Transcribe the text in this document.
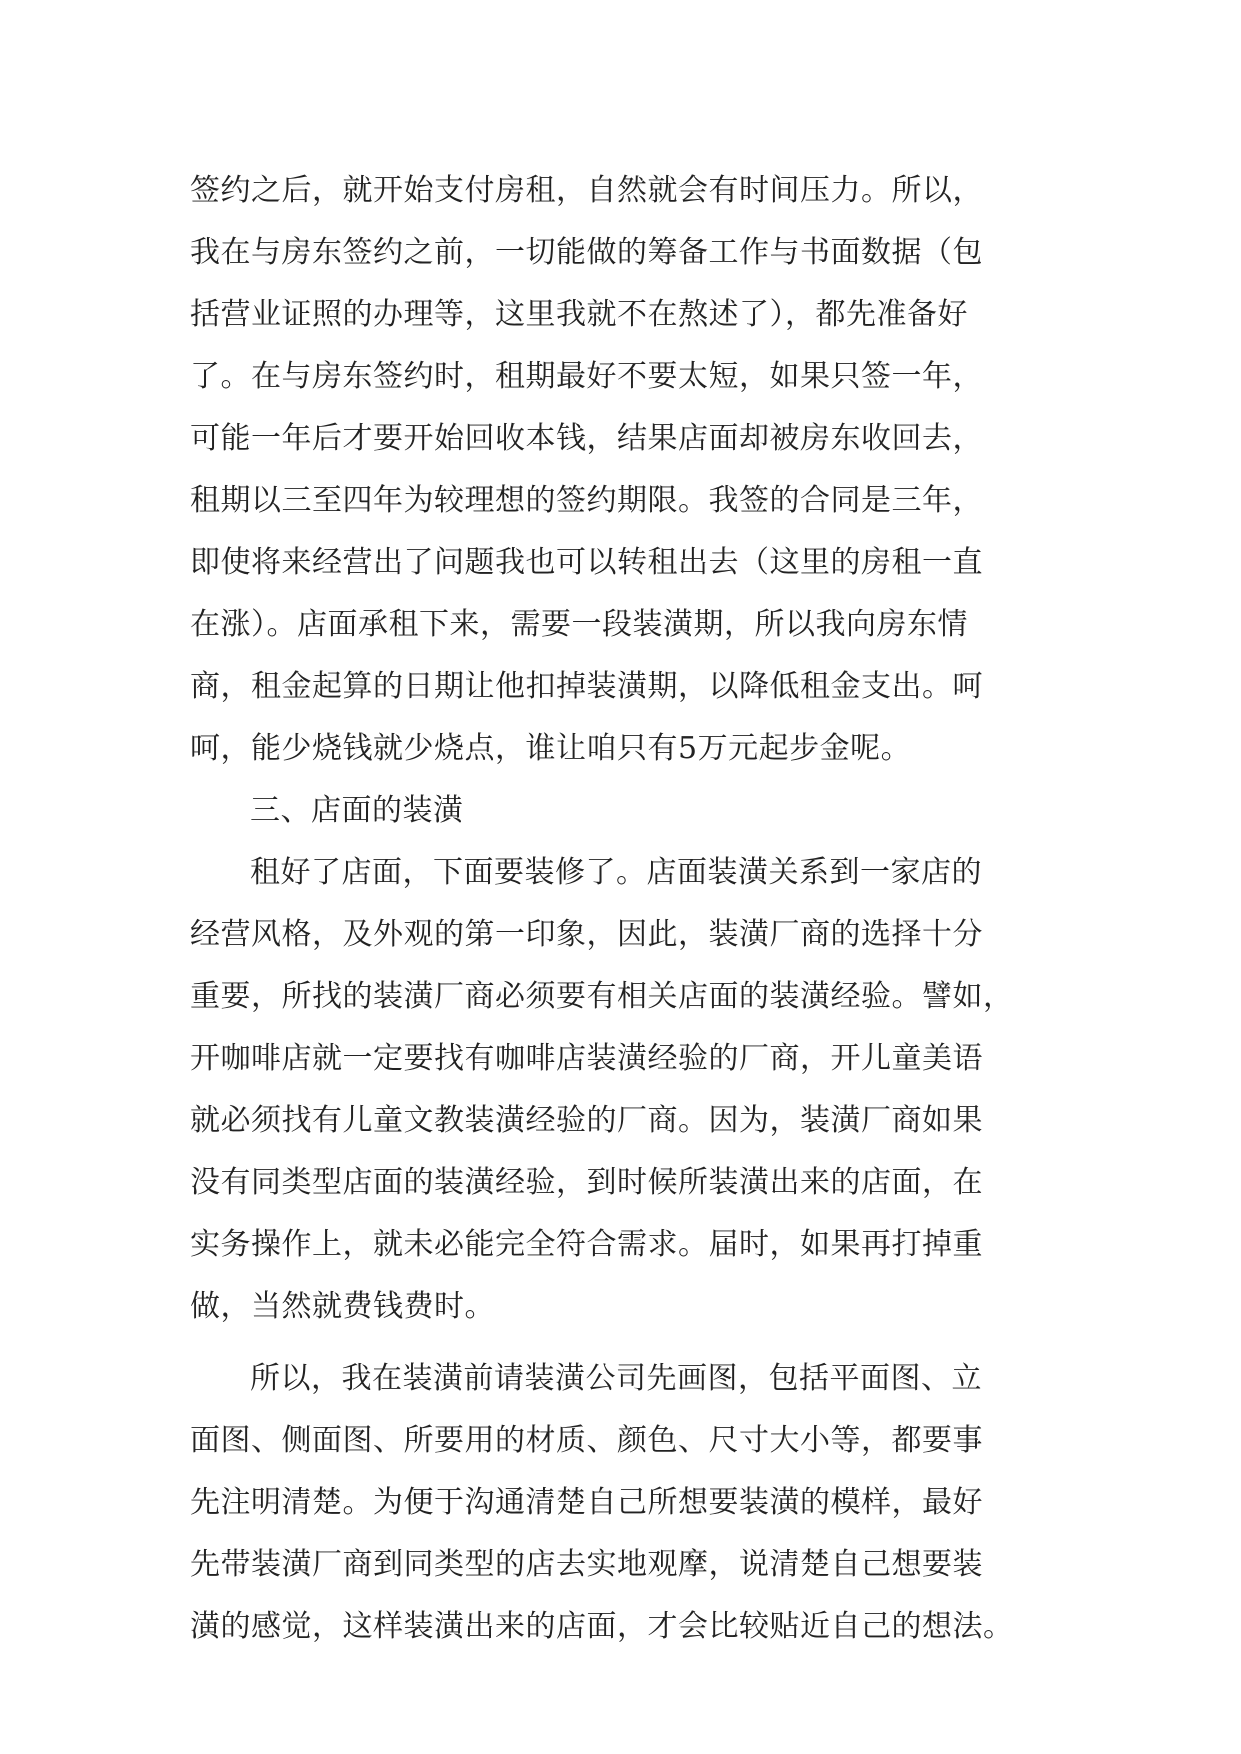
签约之后，就开始支付房租，自然就会有时间压力。所以，
我在与房东签约之前，一切能做的筹备工作与书面数据（包
括营业证照的办理等，这里我就不在熬述了），都先准备好
了。在与房东签约时，租期最好不要太短，如果只签一年，
可能一年后才要开始回收本钱，结果店面却被房东收回去，
租期以三至四年为较理想的签约期限。我签的合同是三年，
即使将来经营出了问题我也可以转租出去（这里的房租一直
在涨）。店面承租下来，需要一段装潢期，所以我向房东情
商，租金起算的日期让他扣掉装潢期，以降低租金支出。呵
呵，能少烧钱就少烧点，谁让咱只有5万元起步金呢。
三、店面的装潢
租好了店面，下面要装修了。店面装潢关系到一家店的
经营风格，及外观的第一印象，因此，装潢厂商的选择十分
重要，所找的装潢厂商必须要有相关店面的装潢经验。譬如，
开咖啡店就一定要找有咖啡店装潢经验的厂商，开儿童美语
就必须找有儿童文教装潢经验的厂商。因为，装潢厂商如果
没有同类型店面的装潢经验，到时候所装潢出来的店面，在
实务操作上，就未必能完全符合需求。届时，如果再打掉重
做，当然就费钱费时。
所以，我在装潢前请装潢公司先画图，包括平面图、立
面图、侧面图、所要用的材质、颜色、尺寸大小等，都要事
先注明清楚。为便于沟通清楚自己所想要装潢的模样，最好
先带装潢厂商到同类型的店去实地观摩，说清楚自己想要装
潢的感觉，这样装潢出来的店面，才会比较贴近自己的想法。
